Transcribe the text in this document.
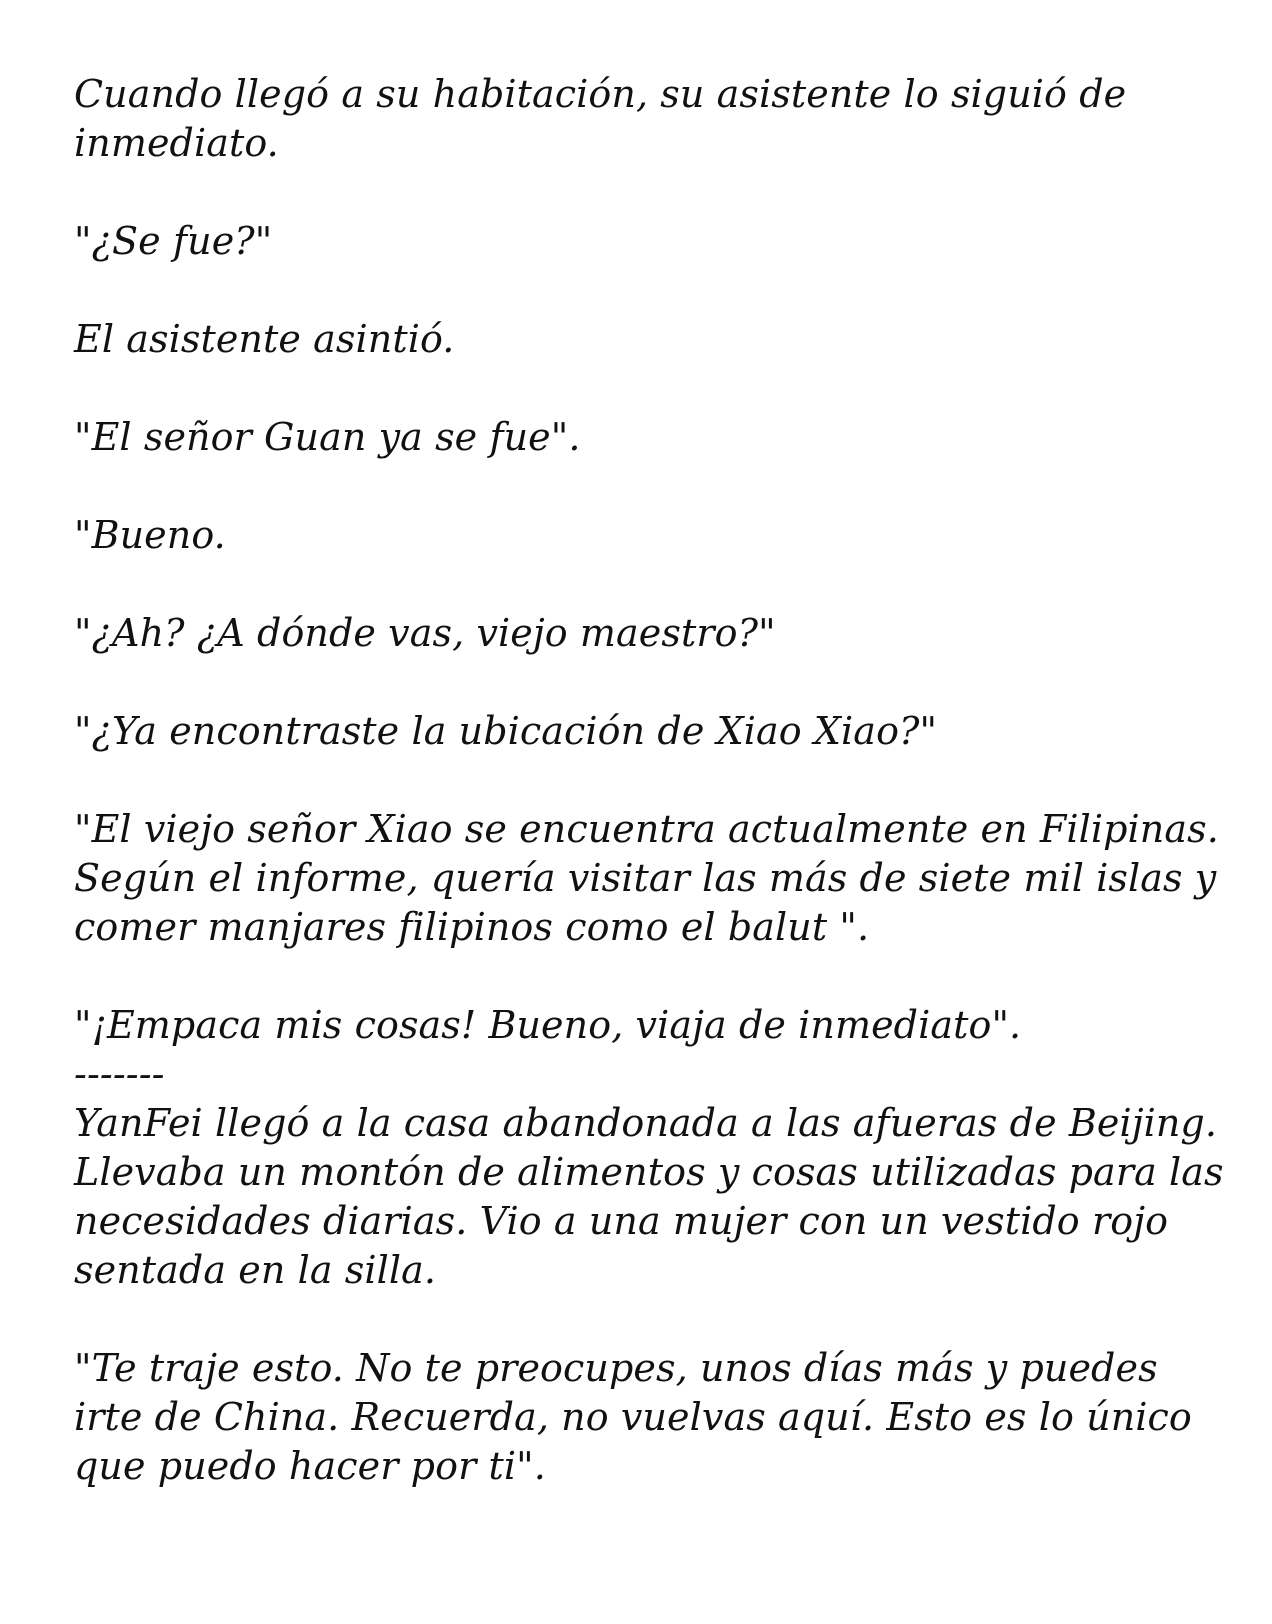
Cuando llegó a su habitación, su asistente lo siguió de inmediato.

"¿Se fue?"

El asistente asintió.

"El señor Guan ya se fue".

"Bueno.

"¿Ah? ¿A dónde vas, viejo maestro?"

"¿Ya encontraste la ubicación de Xiao Xiao?"

"El viejo señor Xiao se encuentra actualmente en Filipinas. Según el informe, quería visitar las más de siete mil islas y comer manjares filipinos como el balut ".

"¡Empaca mis cosas! Bueno, viaja de inmediato".

-------

YanFei llegó a la casa abandonada a las afueras de Beijing. Llevaba un montón de alimentos y cosas utilizadas para las necesidades diarias. Vio a una mujer con un vestido rojo sentada en la silla.

"Te traje esto. No te preocupes, unos días más y puedes irte de China. Recuerda, no vuelvas aquí. Esto es lo único que puedo hacer por ti".
